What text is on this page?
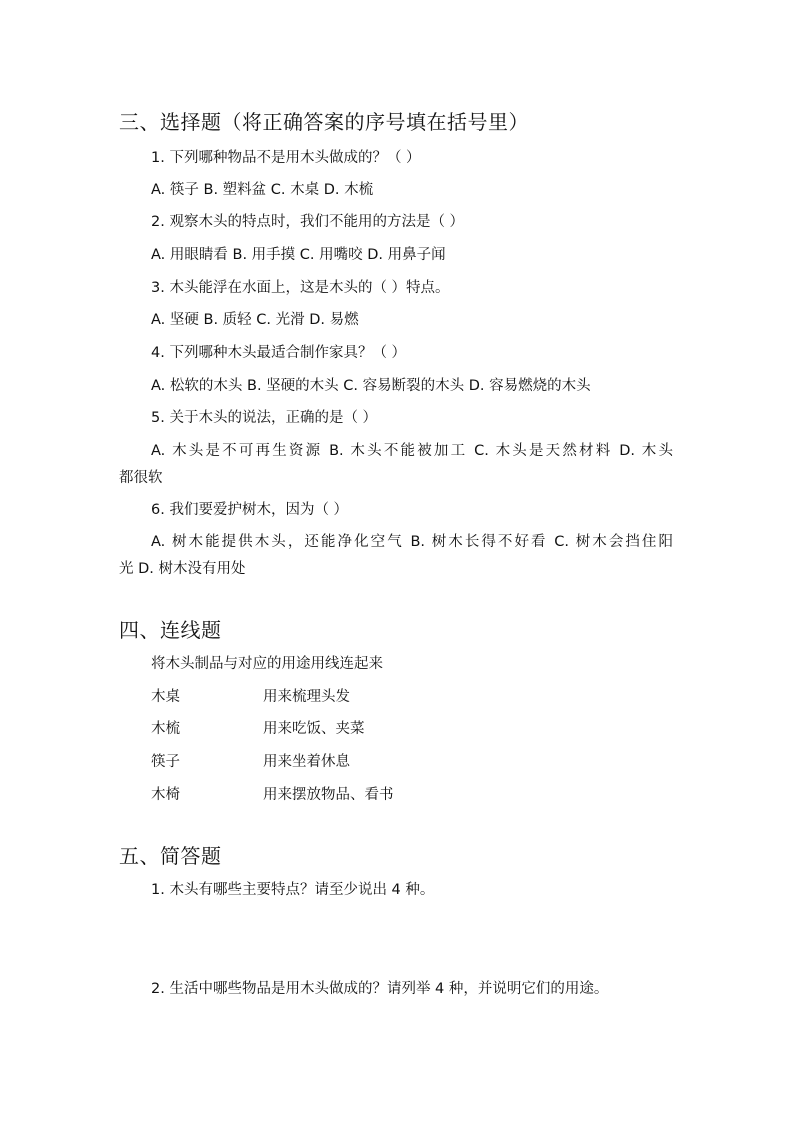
三、选择题（将正确答案的序号填在括号里）

1. 下列哪种物品不是用木头做成的？（ ）

A. 筷子 B. 塑料盆 C. 木桌 D. 木梳

2. 观察木头的特点时，我们不能用的方法是（ ）

A. 用眼睛看 B. 用手摸 C. 用嘴咬 D. 用鼻子闻

3. 木头能浮在水面上，这是木头的（ ）特点。

A. 坚硬 B. 质轻 C. 光滑 D. 易燃

4. 下列哪种木头最适合制作家具？（ ）

A. 松软的木头 B. 坚硬的木头 C. 容易断裂的木头 D. 容易燃烧的木头

5. 关于木头的说法，正确的是（ ）

A. 木头是不可再生资源 B. 木头不能被加工 C. 木头是天然材料 D. 木头

都很软

6. 我们要爱护树木，因为（ ）

A. 树木能提供木头，还能净化空气 B. 树木长得不好看 C. 树木会挡住阳

光 D. 树木没有用处

四、连线题

将木头制品与对应的用途用线连起来

木桌	用来梳理头发

木梳	用来吃饭、夹菜

筷子	用来坐着休息

木椅	用来摆放物品、看书

五、简答题

1. 木头有哪些主要特点？请至少说出 4 种。

2. 生活中哪些物品是用木头做成的？请列举 4 种，并说明它们的用途。
